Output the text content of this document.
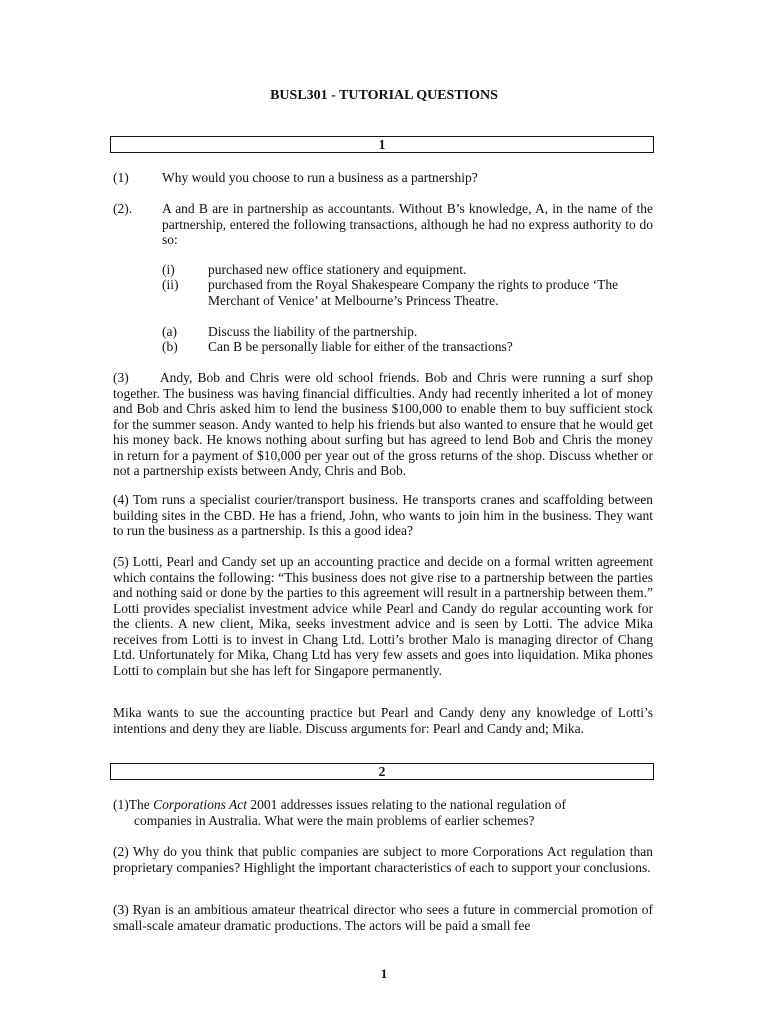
BUSL301 - TUTORIAL QUESTIONS
1
(1) Why would you choose to run a business as a partnership?
(2). A and B are in partnership as accountants. Without B’s knowledge, A, in the name of the partnership, entered the following transactions, although he had no express authority to do so:
(i) purchased new office stationery and equipment.
(ii) purchased from the Royal Shakespeare Company the rights to produce ‘The Merchant of Venice’ at Melbourne’s Princess Theatre.
(a) Discuss the liability of the partnership.
(b) Can B be personally liable for either of the transactions?

(3)      Andy, Bob and Chris were old school friends. Bob and Chris were running a surf shop together. The business was having financial difficulties. Andy had recently inherited a lot of money and Bob and Chris asked him to lend the business $100,000 to enable them to buy sufficient stock for the summer season. Andy wanted to help his friends but also wanted to ensure that he would get his money back. He knows nothing about surfing but has agreed to lend Bob and Chris the money in return for a payment of $10,000 per year out of the gross returns of the shop. Discuss whether or not a partnership exists between Andy, Chris and Bob.

(4) Tom runs a specialist courier/transport business. He transports cranes and scaffolding between building sites in the CBD. He has a friend, John, who wants to join him in the business. They want to run the business as a partnership. Is this a good idea?

(5) Lotti, Pearl and Candy set up an accounting practice and decide on a formal written agreement which contains the following: “This business does not give rise to a partnership between the parties and nothing said or done by the parties to this agreement will result in a partnership between them.” Lotti provides specialist investment advice while Pearl and Candy do regular accounting work for the clients. A new client, Mika, seeks investment advice and is seen by Lotti. The advice Mika receives from Lotti is to invest in Chang Ltd. Lotti’s brother Malo is managing director of Chang Ltd. Unfortunately for Mika, Chang Ltd has very few assets and goes into liquidation. Mika phones Lotti to complain but she has left for Singapore permanently.

Mika wants to sue the accounting practice but Pearl and Candy deny any knowledge of Lotti’s intentions and deny they are liable. Discuss arguments for: Pearl and Candy and; Mika.

2
(1)The Corporations Act 2001 addresses issues relating to the national regulation of
companies in Australia. What were the main problems of earlier schemes?

(2) Why do you think that public companies are subject to more Corporations Act regulation than proprietary companies? Highlight the important characteristics of each to support your conclusions.

(3) Ryan is an ambitious amateur theatrical director who sees a future in commercial promotion of small-scale amateur dramatic productions. The actors will be paid a small fee

1
